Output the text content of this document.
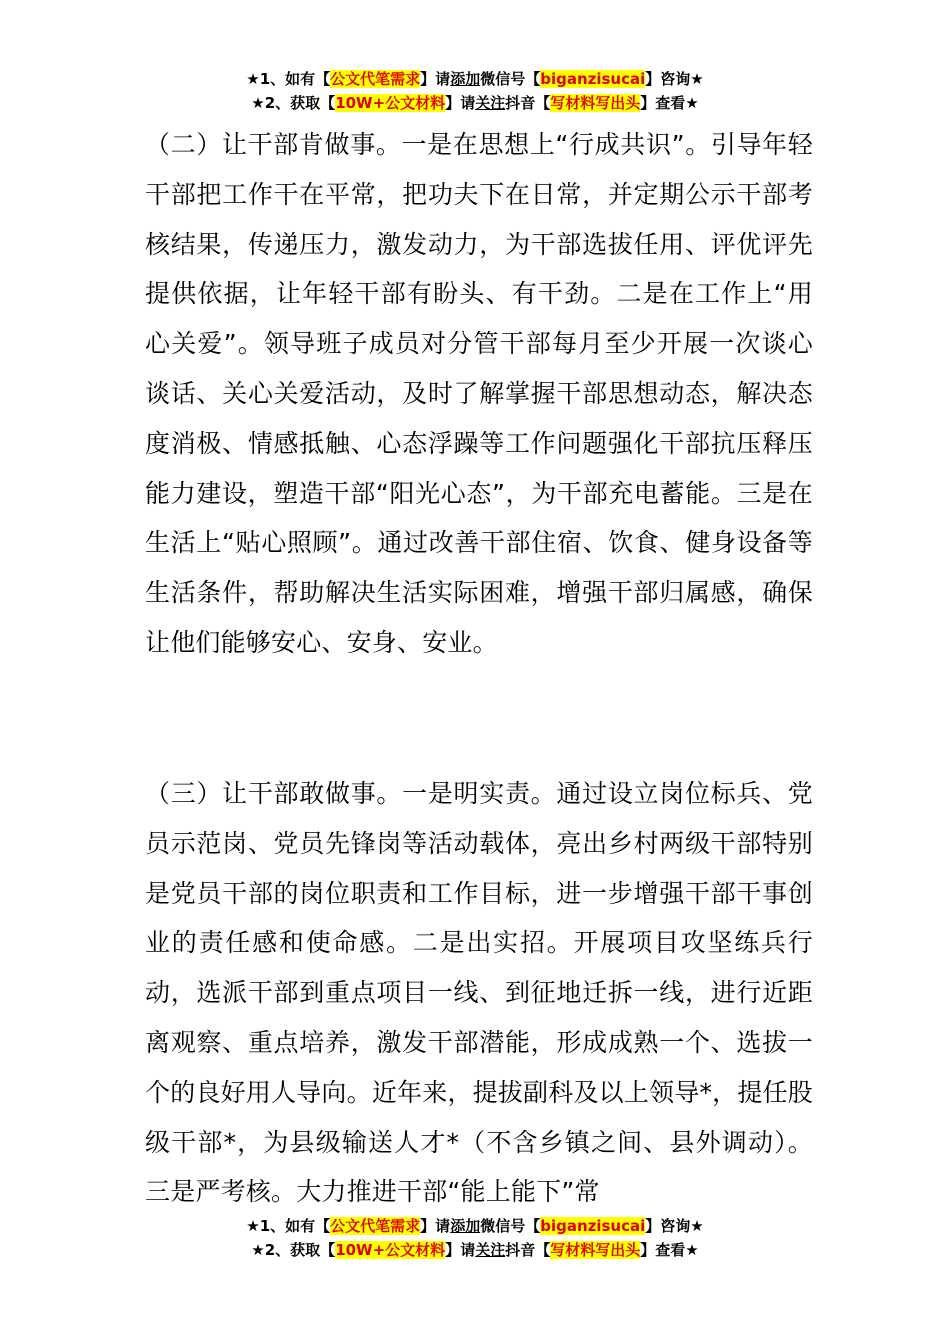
★1、如有【公文代笔需求】请添加微信号【biganzisucai】咨询★
★2、获取【10W+公文材料】请关注抖音【写材料写出头】查看★
（二）让干部肯做事。一是在思想上“行成共识”。引导年轻干部把工作干在平常，把功夫下在日常，并定期公示干部考核结果，传递压力，激发动力，为干部选拔任用、评优评先提供依据，让年轻干部有盼头、有干劲。二是在工作上“用心关爱”。领导班子成员对分管干部每月至少开展一次谈心谈话、关心关爱活动，及时了解掌握干部思想动态，解决态度消极、情感抵触、心态浮躁等工作问题强化干部抗压释压能力建设，塑造干部“阳光心态”，为干部充电蓄能。三是在生活上“贴心照顾”。通过改善干部住宿、饮食、健身设备等生活条件，帮助解决生活实际困难，增强干部归属感，确保让他们能够安心、安身、安业。
（三）让干部敢做事。一是明实责。通过设立岗位标兵、党员示范岗、党员先锋岗等活动载体，亮出乡村两级干部特别是党员干部的岗位职责和工作目标，进一步增强干部干事创业的责任感和使命感。二是出实招。开展项目攻坚练兵行动，选派干部到重点项目一线、到征地迁拆一线，进行近距离观察、重点培养，激发干部潜能，形成成熟一个、选拔一个的良好用人导向。近年来，提拔副科及以上领导*，提任股级干部*，为县级输送人才*（不含乡镇之间、县外调动）。三是严考核。大力推进干部“能上能下”常
★1、如有【公文代笔需求】请添加微信号【biganzisucai】咨询★
★2、获取【10W+公文材料】请关注抖音【写材料写出头】查看★
